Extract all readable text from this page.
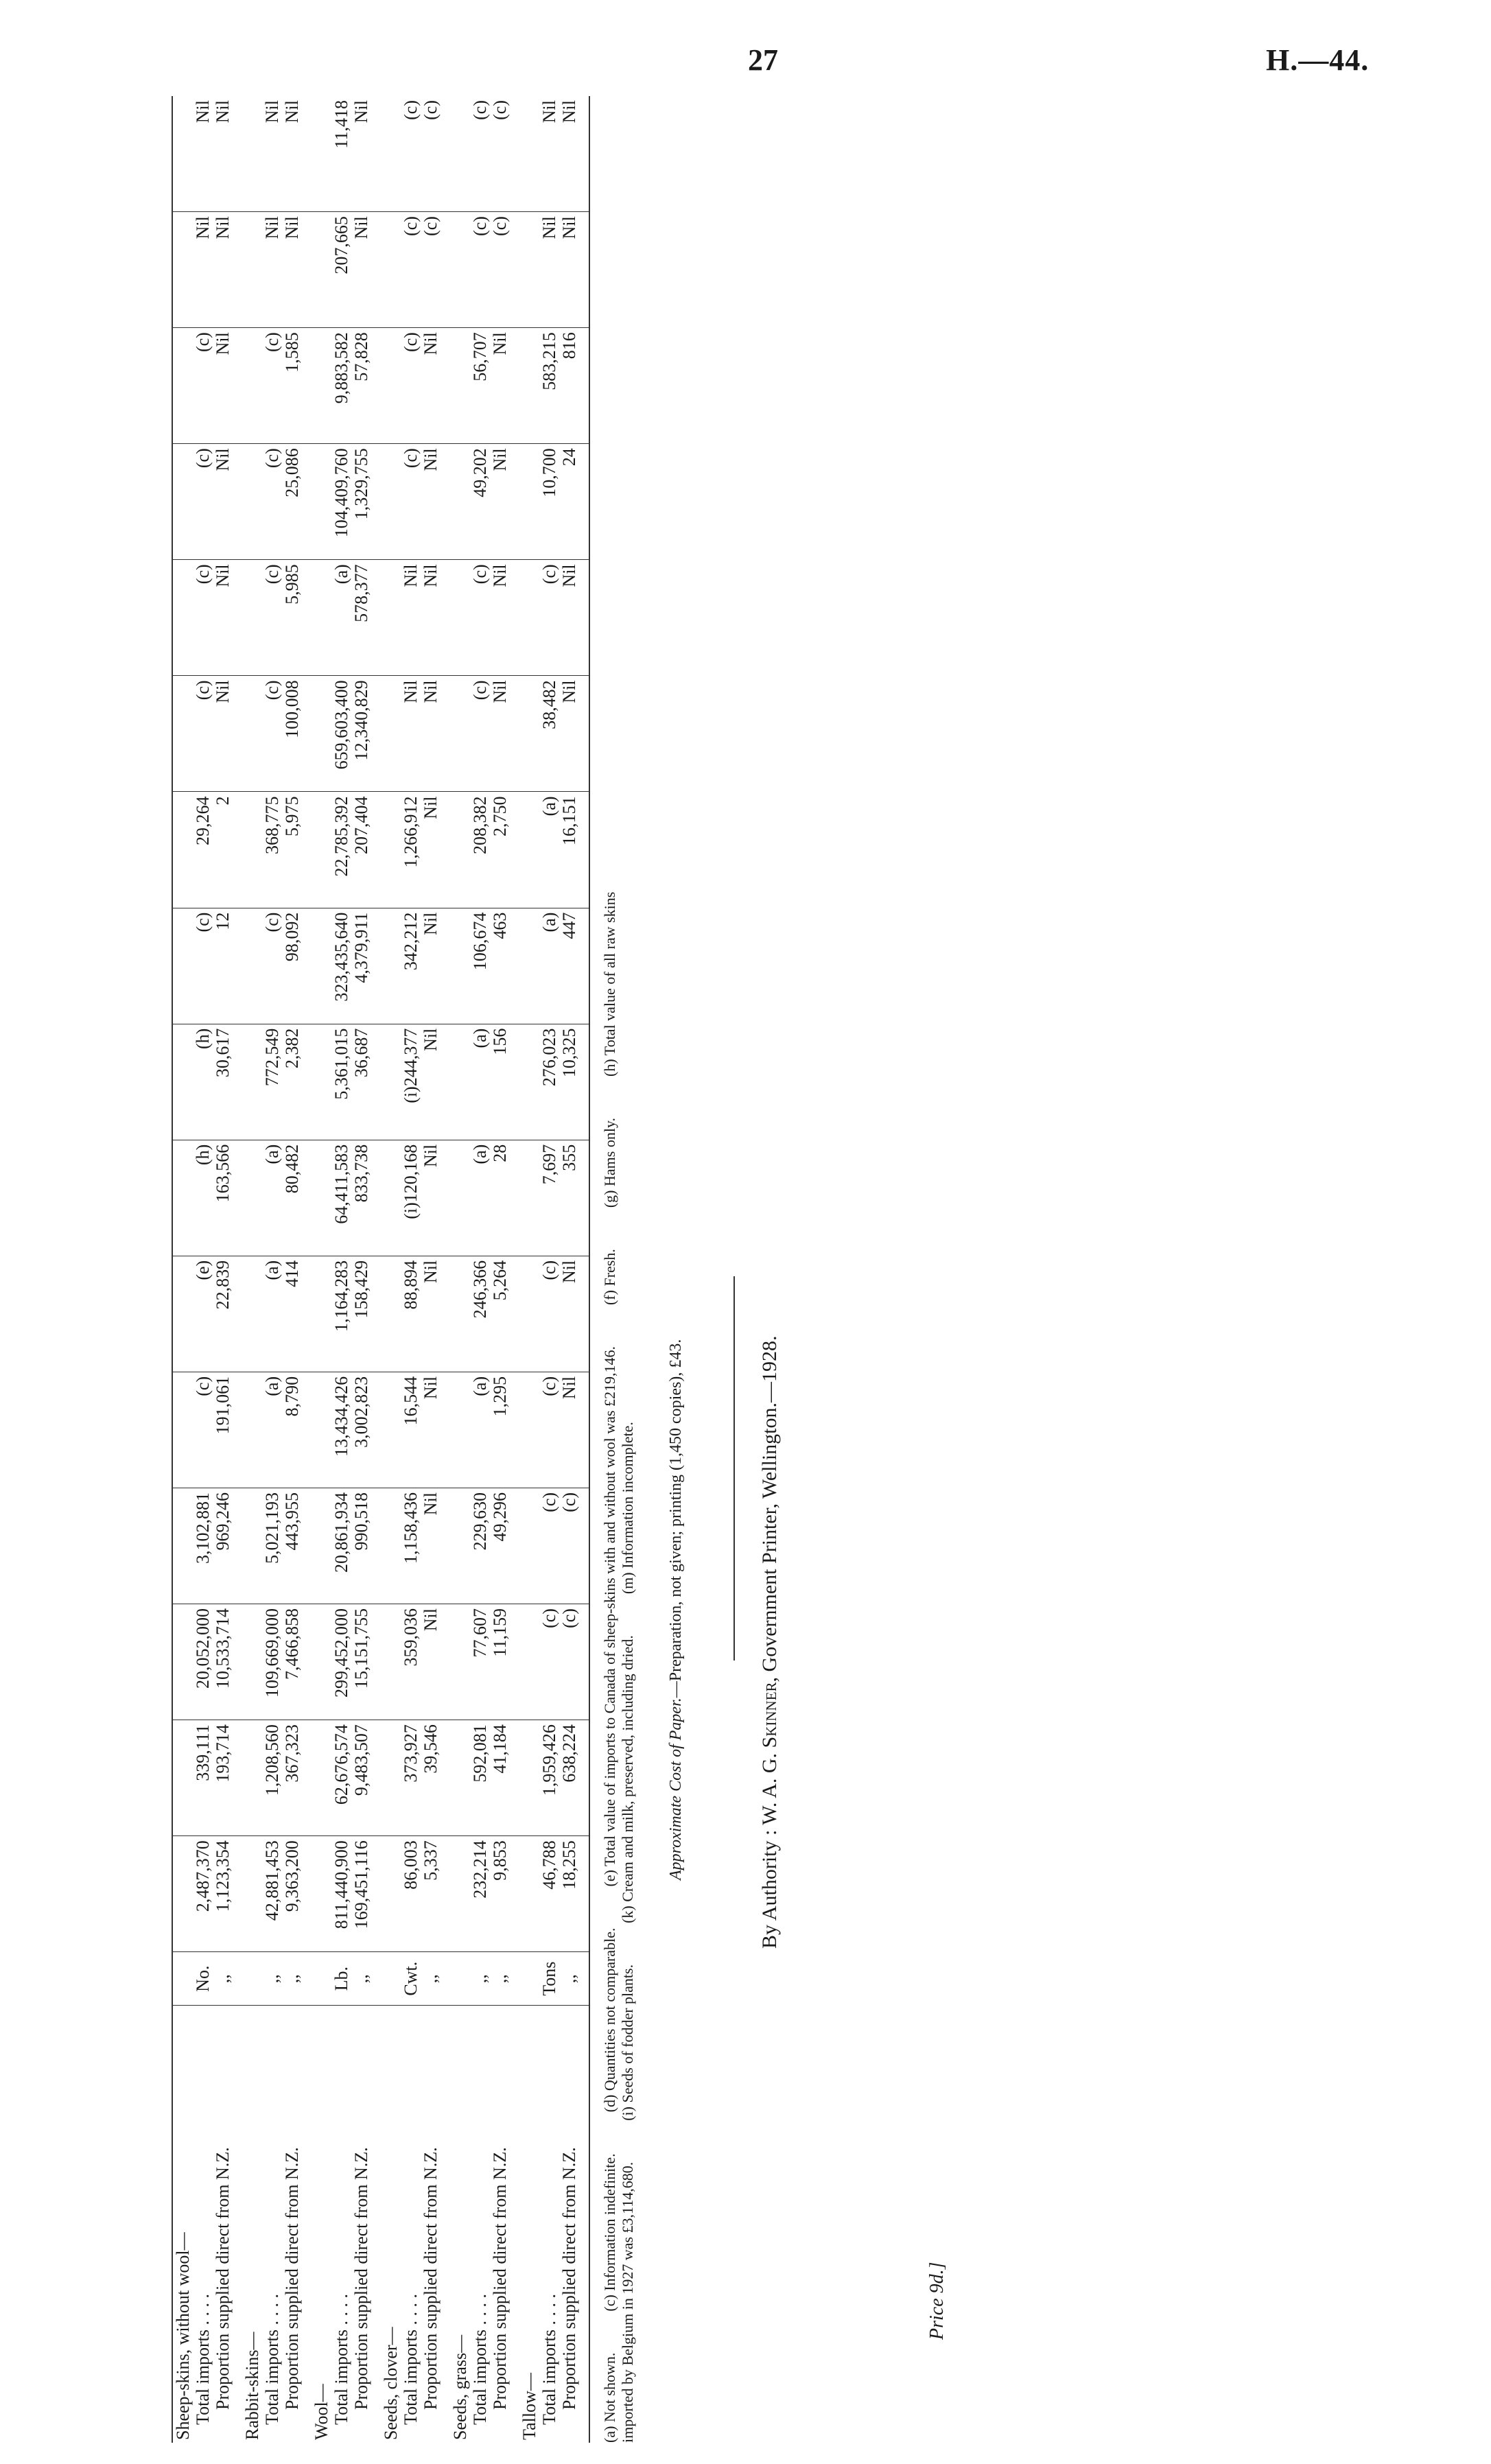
27	H.—44.
Sheep-skins, without wool—																	
Total imports . . . .	No.	2,487,370	339,111	20,052,000	3,102,881	(c)	(e)	(h)	(h)	(c)	29,264	(c)	(c)	(c)	(c)	Nil	Nil
Proportion supplied direct from N.Z.	,,	1,123,354	193,714	10,533,714	969,246	191,061	22,839	163,566	30,617	12	2	Nil	Nil	Nil	Nil	Nil	Nil
Rabbit-skins—																	
Total imports . . . .	,,	42,881,453	1,208,560	109,669,000	5,021,193	(a)	(a)	(a)	772,549	(c)	368,775	(c)	(c)	(c)	(c)	Nil	Nil
Proportion supplied direct from N.Z.	,,	9,363,200	367,323	7,466,858	443,955	8,790	414	80,482	2,382	98,092	5,975	100,008	5,985	25,086	1,585	Nil	Nil
Wool—																	
Total imports . . . .	Lb.	811,440,900	62,676,574	299,452,000	20,861,934	13,434,426	1,164,283	64,411,583	5,361,015	323,435,640	22,785,392	659,603,400	(a)	104,409,760	9,883,582	207,665	11,418
Proportion supplied direct from N.Z.	,,	169,451,116	9,483,507	15,151,755	990,518	3,002,823	158,429	833,738	36,687	4,379,911	207,404	12,340,829	578,377	1,329,755	57,828	Nil	Nil
Seeds, clover—																	
Total imports . . . .	Cwt.	86,003	373,927	359,036	1,158,436	16,544	88,894	(i)120,168	(i)244,377	342,212	1,266,912	Nil	Nil	(c)	(c)	(c)	(c)
Proportion supplied direct from N.Z.	,,	5,337	39,546	Nil	Nil	Nil	Nil	Nil	Nil	Nil	Nil	Nil	Nil	Nil	Nil	(c)	(c)
Seeds, grass—																	
Total imports . . . .	,,	232,214	592,081	77,607	229,630	(a)	246,366	(a)	(a)	106,674	208,382	(c)	(c)	49,202	56,707	(c)	(c)
Proportion supplied direct from N.Z.	,,	9,853	41,184	11,159	49,296	1,295	5,264	28	156	463	2,750	Nil	Nil	Nil	Nil	(c)	(c)
Tallow—																	
Total imports . . . .	Tons	46,788	1,959,426	(c)	(c)	(c)	(c)	7,697	276,023	(a)	(a)	38,482	(c)	10,700	583,215	Nil	Nil
Proportion supplied direct from N.Z.	,,	18,255	638,224	(c)	(c)	Nil	Nil	355	10,325	447	16,151	Nil	Nil	24	816	Nil	Nil
(a) Not shown.
(c) Information indefinite.
(d) Quantities not comparable.
(e) Total value of imports to Canada of sheep-skins with and without wool was £219,146.
(f) Fresh.
(g) Hams only.
(h) Total value of all raw skins
imported by Belgium in 1927 was £3,114,680.
(i) Seeds of fodder plants.
(k) Cream and milk, preserved, including dried.
(m) Information incomplete.
Approximate Cost of Paper.—Preparation, not given; printing (1,450 copies), £43.
By Authority : W. A. G. Skinner, Government Printer, Wellington.—1928.
Price 9d.]
